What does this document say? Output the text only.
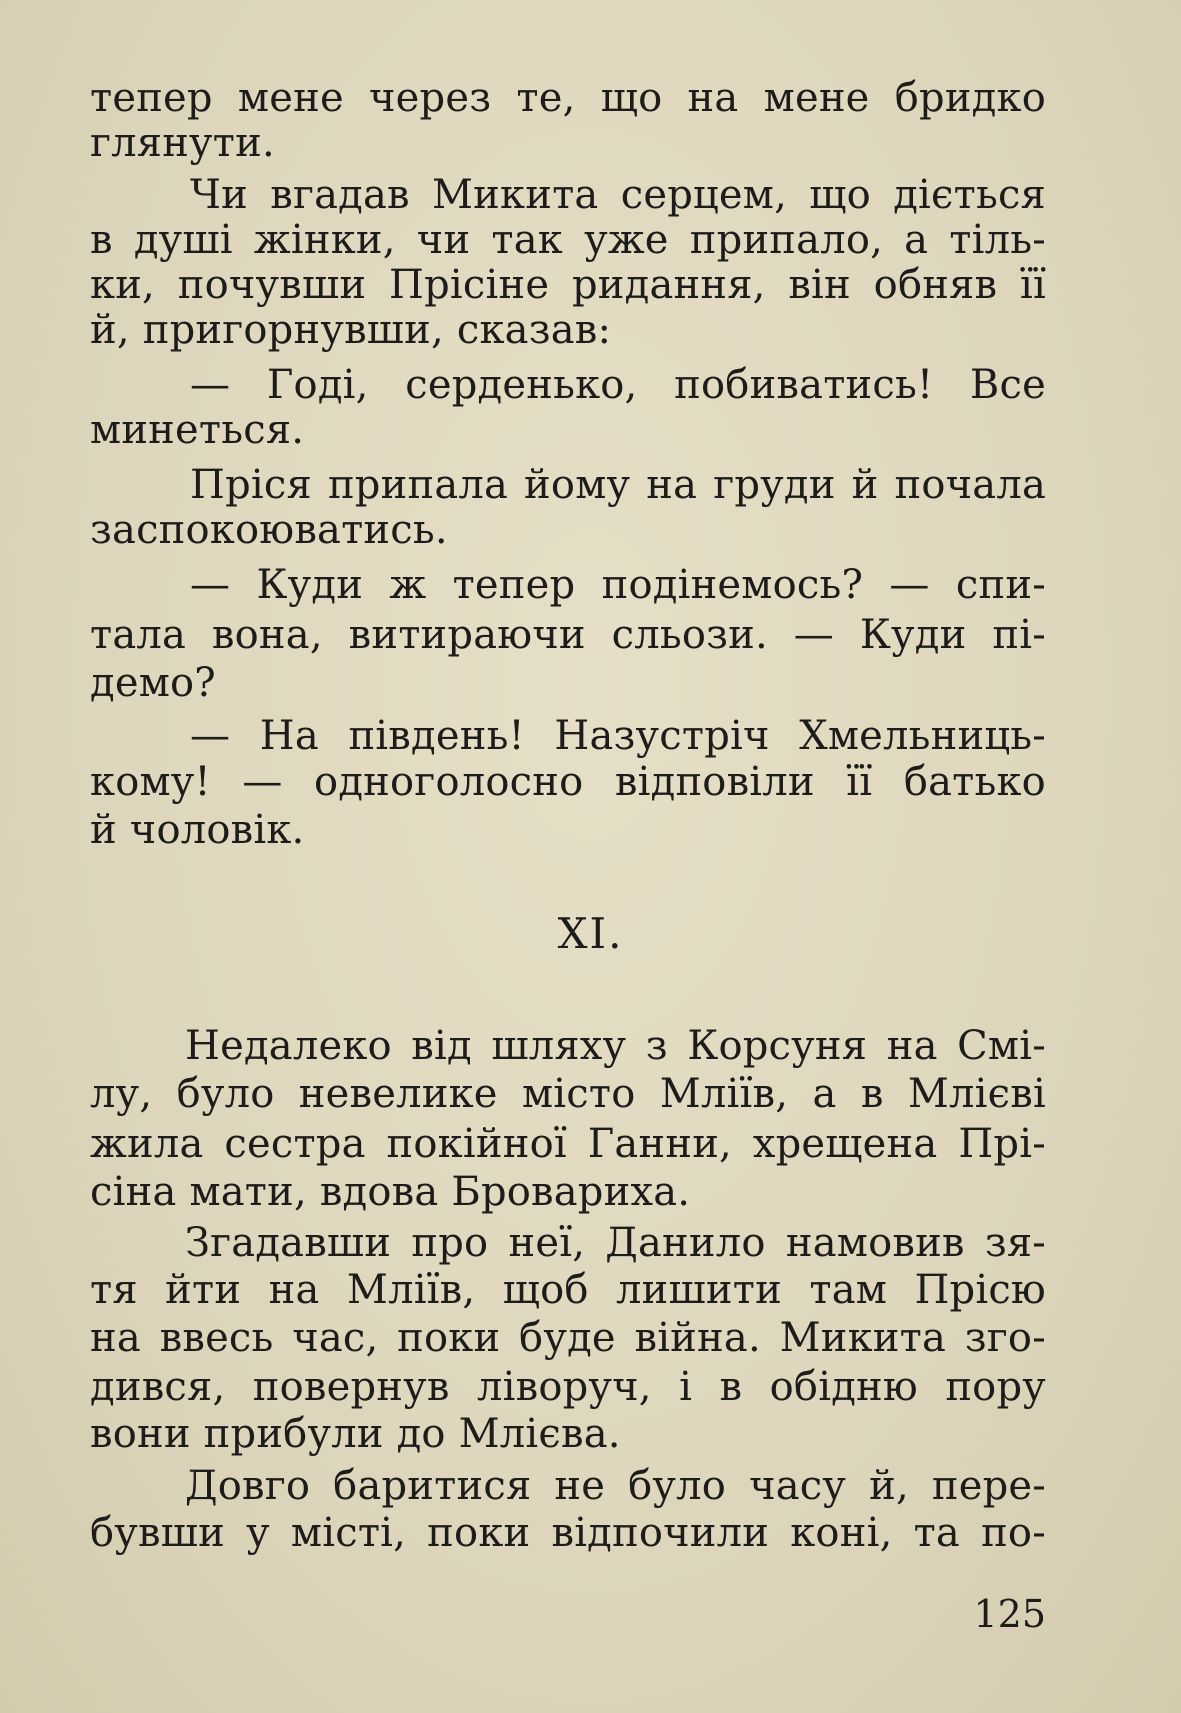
тепер мене через те, що на мене бридко
глянути.
Чи вгадав Микита серцем, що діється
в душі жінки, чи так уже припало, а тіль-
ки, почувши Прісіне ридання, він обняв її
й, пригорнувши, сказав:
— Годі, серденько, побиватись! Все
минеться.
Пріся припала йому на груди й почала
заспокоюватись.
— Куди ж тепер подінемось? — спи-
тала вона, витираючи сльози. — Куди пі-
демо?
— На південь! Назустріч Хмельниць-
кому! — одноголосно відповіли її батько
й чоловік.
XI.
Недалеко від шляху з Корсуня на Смі-
лу, було невелике місто Мліїв, а в Млієві
жила сестра покійної Ганни, хрещена Прі-
сіна мати, вдова Бровариха.
Згадавши про неї, Данило намовив зя-
тя йти на Мліїв, щоб лишити там Прісю
на ввесь час, поки буде війна. Микита зго-
дився, повернув ліворуч, і в обідню пору
вони прибули до Млієва.
Довго баритися не було часу й, пере-
бувши у місті, поки відпочили коні, та по-
125
